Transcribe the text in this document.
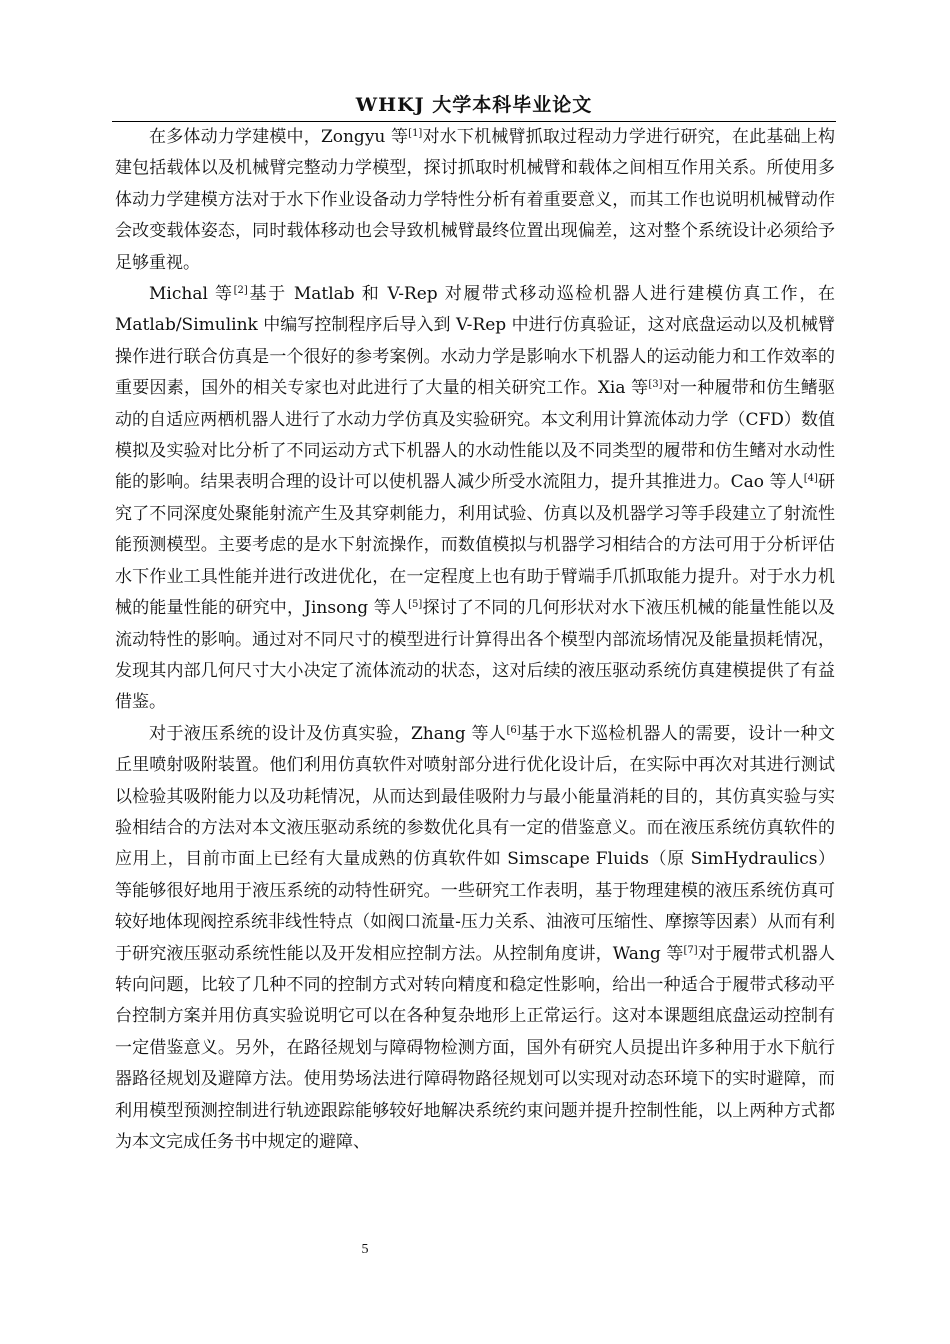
WHKJ 大学本科毕业论文

在多体动力学建模中，Zongyu 等[1]对水下机械臂抓取过程动力学进行研究，在此基础上构建包括载体以及机械臂完整动力学模型，探讨抓取时机械臂和载体之间相互作用关系。所使用多体动力学建模方法对于水下作业设备动力学特性分析有着重要意义，而其工作也说明机械臂动作会改变载体姿态，同时载体移动也会导致机械臂最终位置出现偏差，这对整个系统设计必须给予足够重视。

Michal 等[2]基于 Matlab 和 V-Rep 对履带式移动巡检机器人进行建模仿真工作，在 Matlab/Simulink 中编写控制程序后导入到 V-Rep 中进行仿真验证，这对底盘运动以及机械臂操作进行联合仿真是一个很好的参考案例。水动力学是影响水下机器人的运动能力和工作效率的重要因素，国外的相关专家也对此进行了大量的相关研究工作。Xia 等[3]对一种履带和仿生鳍驱动的自适应两栖机器人进行了水动力学仿真及实验研究。本文利用计算流体动力学（CFD）数值模拟及实验对比分析了不同运动方式下机器人的水动性能以及不同类型的履带和仿生鳍对水动性能的影响。结果表明合理的设计可以使机器人减少所受水流阻力，提升其推进力。Cao 等人[4]研究了不同深度处聚能射流产生及其穿刺能力，利用试验、仿真以及机器学习等手段建立了射流性能预测模型。主要考虑的是水下射流操作，而数值模拟与机器学习相结合的方法可用于分析评估水下作业工具性能并进行改进优化，在一定程度上也有助于臂端手爪抓取能力提升。对于水力机械的能量性能的研究中，Jinsong 等人[5]探讨了不同的几何形状对水下液压机械的能量性能以及流动特性的影响。通过对不同尺寸的模型进行计算得出各个模型内部流场情况及能量损耗情况，发现其内部几何尺寸大小决定了流体流动的状态，这对后续的液压驱动系统仿真建模提供了有益借鉴。

对于液压系统的设计及仿真实验，Zhang 等人[6]基于水下巡检机器人的需要，设计一种文丘里喷射吸附装置。他们利用仿真软件对喷射部分进行优化设计后，在实际中再次对其进行测试以检验其吸附能力以及功耗情况，从而达到最佳吸附力与最小能量消耗的目的，其仿真实验与实验相结合的方法对本文液压驱动系统的参数优化具有一定的借鉴意义。而在液压系统仿真软件的应用上，目前市面上已经有大量成熟的仿真软件如 Simscape Fluids（原 SimHydraulics）等能够很好地用于液压系统的动特性研究。一些研究工作表明，基于物理建模的液压系统仿真可较好地体现阀控系统非线性特点（如阀口流量-压力关系、油液可压缩性、摩擦等因素）从而有利于研究液压驱动系统性能以及开发相应控制方法。从控制角度讲，Wang 等[7]对于履带式机器人转向问题，比较了几种不同的控制方式对转向精度和稳定性影响，给出一种适合于履带式移动平台控制方案并用仿真实验说明它可以在各种复杂地形上正常运行。这对本课题组底盘运动控制有一定借鉴意义。另外，在路径规划与障碍物检测方面，国外有研究人员提出许多种用于水下航行器路径规划及避障方法。使用势场法进行障碍物路径规划可以实现对动态环境下的实时避障，而利用模型预测控制进行轨迹跟踪能够较好地解决系统约束问题并提升控制性能，以上两种方式都为本文完成任务书中规定的避障、

5
